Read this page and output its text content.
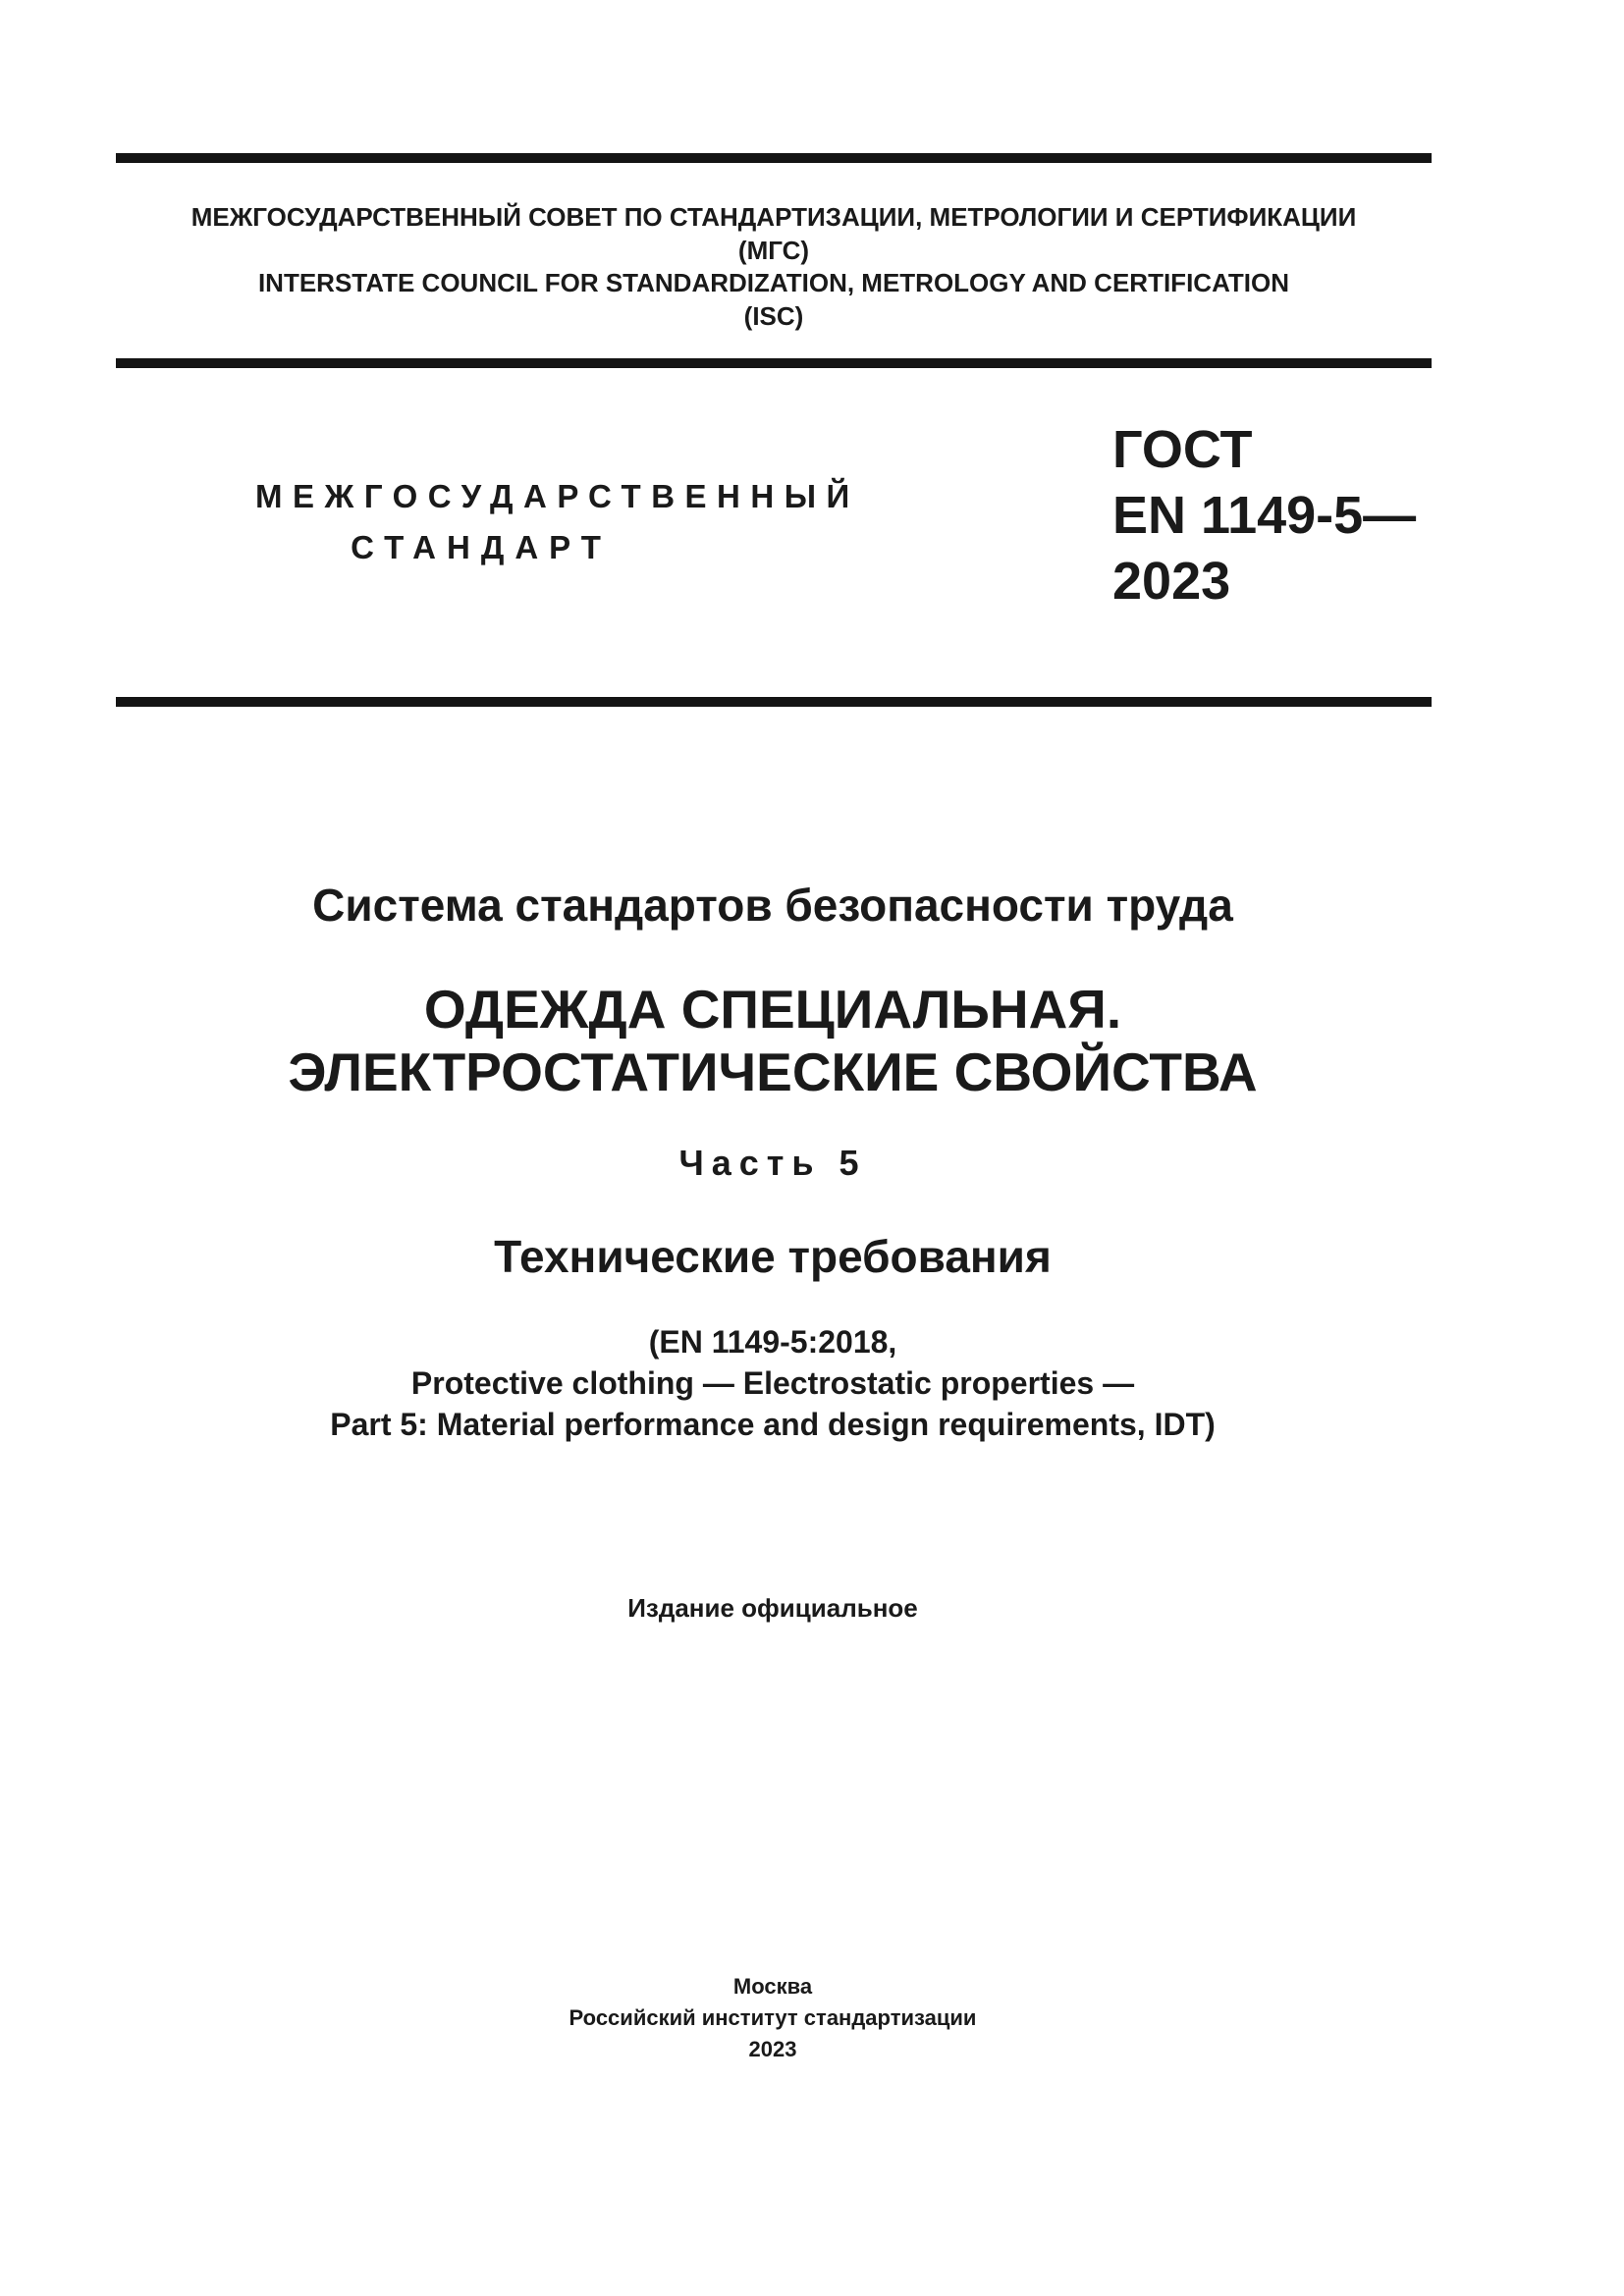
МЕЖГОСУДАРСТВЕННЫЙ СОВЕТ ПО СТАНДАРТИЗАЦИИ, МЕТРОЛОГИИ И СЕРТИФИКАЦИИ
(МГС)
INTERSTATE COUNCIL FOR STANDARDIZATION, METROLOGY AND CERTIFICATION
(ISC)
МЕЖГОСУДАРСТВЕННЫЙ
СТАНДАРТ
ГОСТ
EN 1149-5—
2023
Система стандартов безопасности труда
ОДЕЖДА СПЕЦИАЛЬНАЯ.
ЭЛЕКТРОСТАТИЧЕСКИЕ СВОЙСТВА
Часть 5
Технические требования
(EN 1149-5:2018,
Protective clothing — Electrostatic properties —
Part 5: Material performance and design requirements, IDT)
Издание официальное
Москва
Российский институт стандартизации
2023
